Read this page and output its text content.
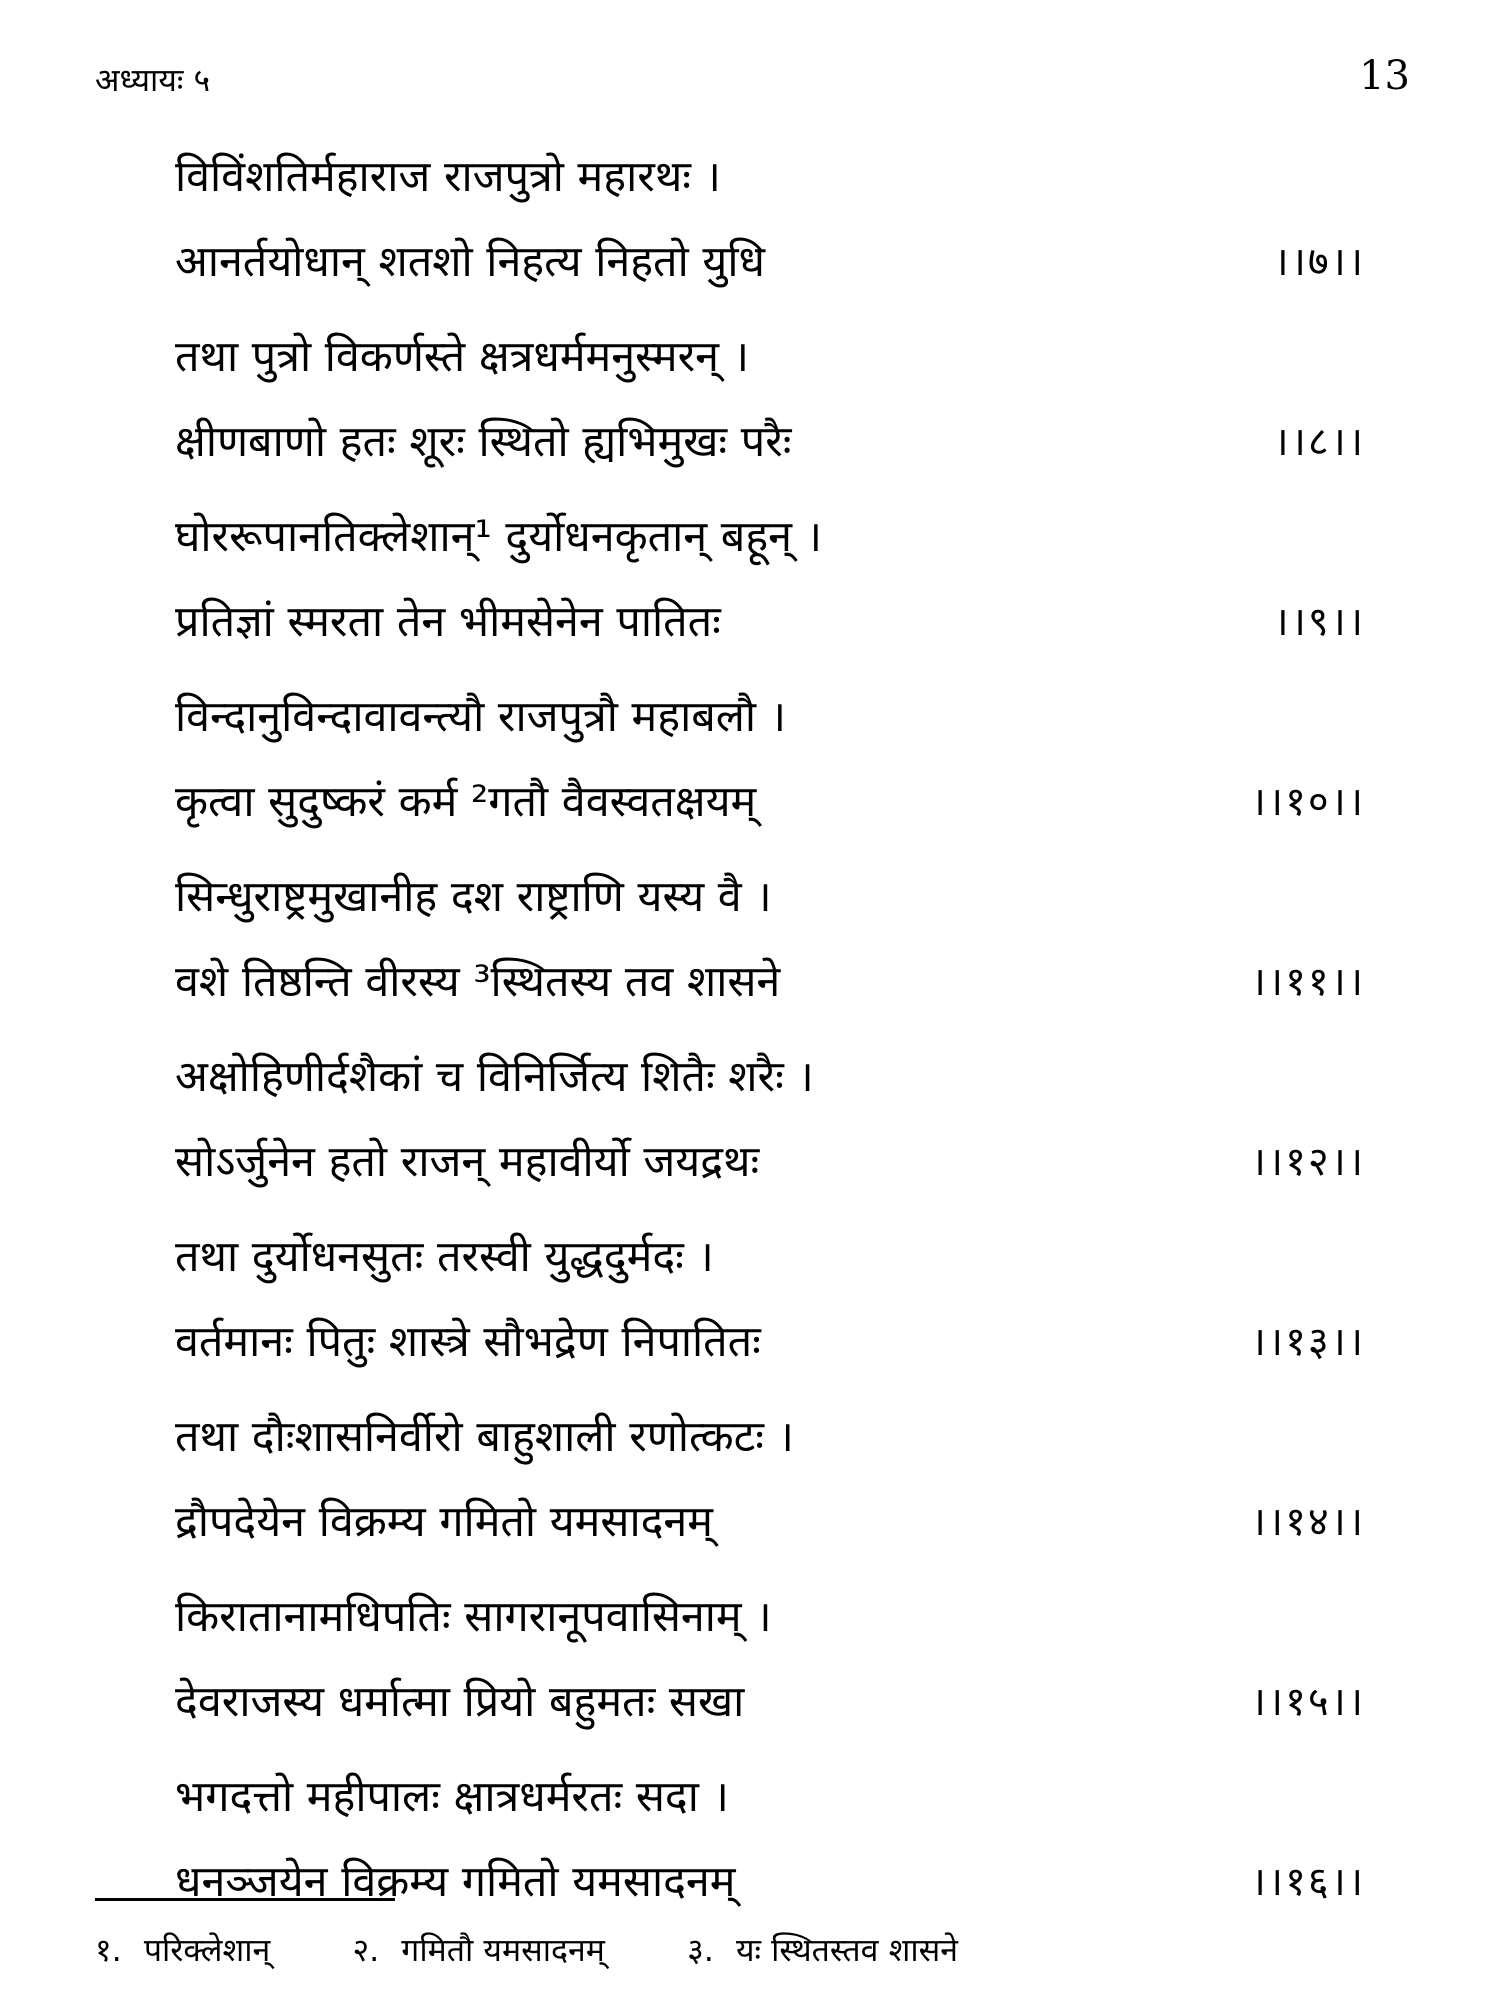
अध्यायः ५	13
विविंशतिर्महाराज राजपुत्रो महारथः ।
आनर्तयोधान् शतशो निहत्य निहतो युधि	।।७।।
तथा पुत्रो विकर्णस्ते क्षत्रधर्ममनुस्मरन् ।
क्षीणबाणो हतः शूरः स्थितो ह्यभिमुखः परैः	।।८।।
घोररूपानतिक्लेशान्¹ दुर्योधनकृतान् बहून् ।
प्रतिज्ञां स्मरता तेन भीमसेनेन पातितः	।।९।।
विन्दानुविन्दावावन्त्यौ राजपुत्रौ महाबलौ ।
कृत्वा सुदुष्करं कर्म ²गतौ वैवस्वतक्षयम्	।।१०।।
सिन्धुराष्ट्रमुखानीह दश राष्ट्राणि यस्य वै ।
वशे तिष्ठन्ति वीरस्य ³स्थितस्य तव शासने	।।११।।
अक्षोहिणीर्दशैकां च विनिर्जित्य शितैः शरैः ।
सोऽर्जुनेन हतो राजन् महावीर्यो जयद्रथः	।।१२।।
तथा दुर्योधनसुतः तरस्वी युद्धदुर्मदः ।
वर्तमानः पितुः शास्त्रे सौभद्रेण निपातितः	।।१३।।
तथा दौःशासनिर्वीरो बाहुशाली रणोत्कटः ।
द्रौपदेयेन विक्रम्य गमितो यमसादनम्	।।१४।।
किरातानामधिपतिः सागरानूपवासिनाम् ।
देवराजस्य धर्मात्मा प्रियो बहुमतः सखा	।।१५।।
भगदत्तो महीपालः क्षात्रधर्मरतः सदा ।
धनञ्जयेन विक्रम्य गमितो यमसादनम्	।।१६।।
१. परिक्लेशान्	२. गमितौ यमसादनम्	३. यः स्थितस्तव शासने
